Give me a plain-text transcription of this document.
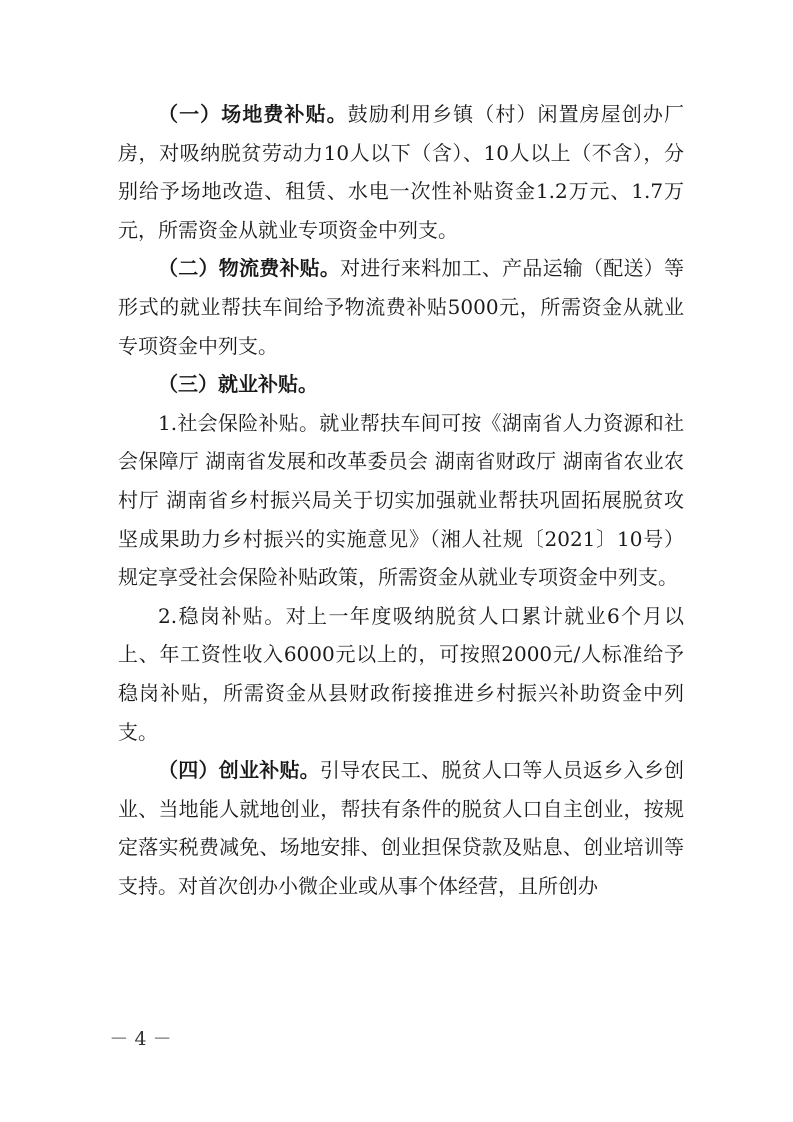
（一）场地费补贴。鼓励利用乡镇（村）闲置房屋创办厂房，对吸纳脱贫劳动力10人以下（含）、10人以上（不含），分别给予场地改造、租赁、水电一次性补贴资金1.2万元、1.7万元，所需资金从就业专项资金中列支。

（二）物流费补贴。对进行来料加工、产品运输（配送）等形式的就业帮扶车间给予物流费补贴5000元，所需资金从就业专项资金中列支。

（三）就业补贴。

1.社会保险补贴。就业帮扶车间可按《湖南省人力资源和社会保障厅 湖南省发展和改革委员会 湖南省财政厅 湖南省农业农村厅 湖南省乡村振兴局关于切实加强就业帮扶巩固拓展脱贫攻坚成果助力乡村振兴的实施意见》（湘人社规〔2021〕10号）规定享受社会保险补贴政策，所需资金从就业专项资金中列支。

2.稳岗补贴。对上一年度吸纳脱贫人口累计就业6个月以上、年工资性收入6000元以上的，可按照2000元/人标准给予稳岗补贴，所需资金从县财政衔接推进乡村振兴补助资金中列支。

（四）创业补贴。引导农民工、脱贫人口等人员返乡入乡创业、当地能人就地创业，帮扶有条件的脱贫人口自主创业，按规定落实税费减免、场地安排、创业担保贷款及贴息、创业培训等支持。对首次创办小微企业或从事个体经营，且所创办

－ 4 －
